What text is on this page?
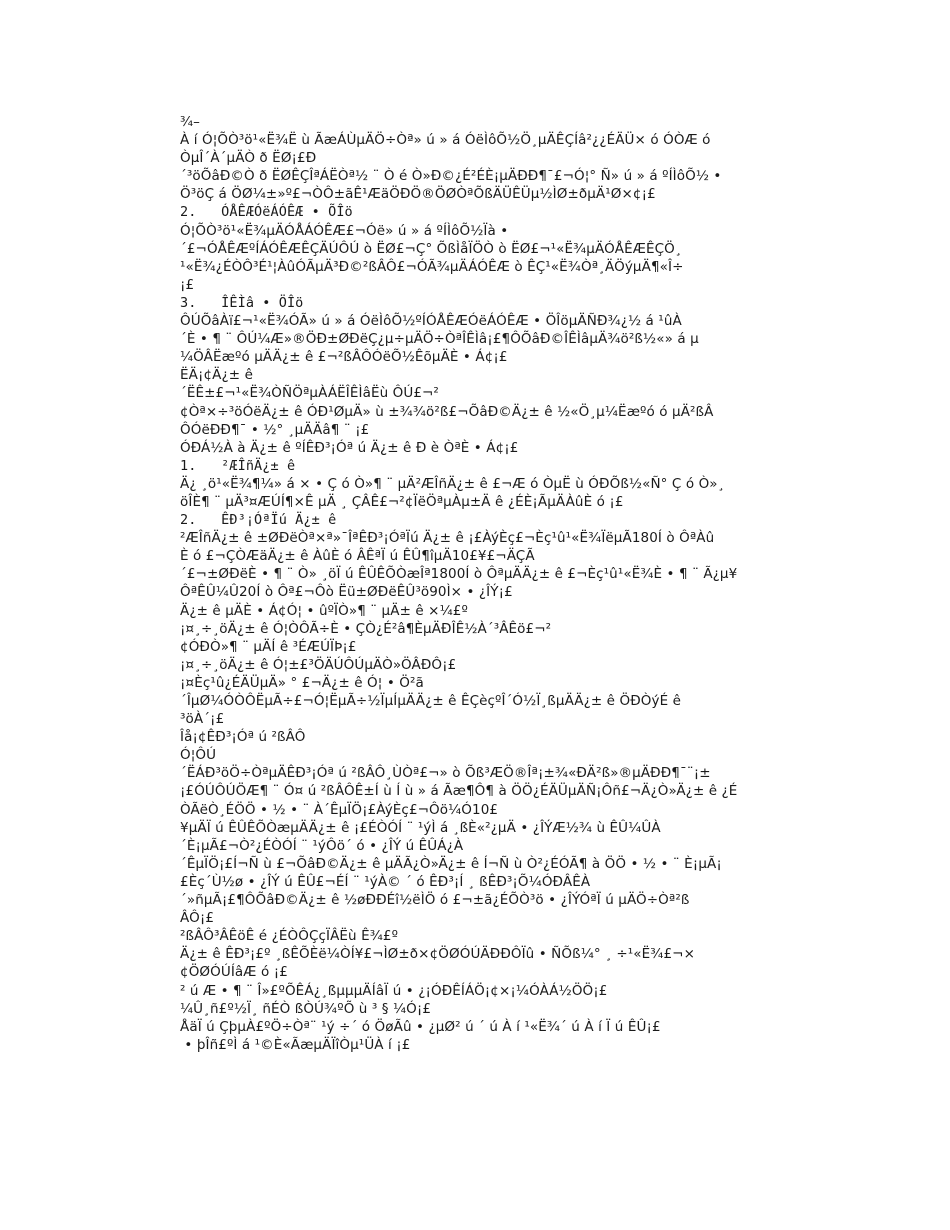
¾–
À í Ó¦ÕÒ³ö¹«Ë¾Ë ù ÃæÁÙµÄÖ÷Òª» ú » á ÓëÌôÕ½Ö¸µÄÊÇÍâ²¿¿ÉÄÜ× ó ÓÒÆ ó
ÒµÎ´À´µÄÒ ð ËØ¡£Ð
´³öÕâÐ©Ò ð ËØÊÇÎªÁËÒª½ ¨ Ò é Ò»Ð©¿É²ÉÈ¡µÄÐÐ¶¯£¬Ó¦° Ñ» ú » á ºÍÌôÕ½ •
Ö³öÇ á ÖØ¼±»º£¬ÒÔ±ãÊ¹ÆäÖÐÖ®ÖØÒªÕßÄÜÊÜµ½ÌØ±ðµÄ¹Ø×¢¡£
2.   ÓÅÊÆÓëÁÓÊÆ • ÕÎö
Ó¦ÕÒ³ö¹«Ë¾µÄÓÅÁÓÊÆ£¬Óë» ú » á ºÍÌôÕ½Ïà •
´£¬ÓÅÊÆºÍÁÓÊÆÊÇÄÚÔÚ ò ËØ£¬Ç° ÕßÌåÏÖÒ ò ËØ£¬¹«Ë¾µÄÓÅÊÆÊÇÖ¸
¹«Ë¾¿ÉÒÔ³É¹¦ÀûÓÃµÄ³Ð©²ßÂÔ£¬ÓÃ¾µÄÁÓÊÆ ò ÊÇ¹«Ë¾Òª¸ÄÖýµÄ¶«Î÷
¡£
3.   ÎÊÌâ • ÖÎö
ÔÚÕâÀï£¬¹«Ë¾ÓÃ» ú » á ÓëÌôÕ½ºÍÓÅÊÆÓëÁÓÊÆ • ÖÎöµÄÑÐ¾¿½ á ¹ûÀ
´È • ¶ ¨ ÔÚ¼Æ»®ÖÐ±ØÐëÇ¿µ÷µÄÖ÷ÒªÎÊÌâ¡£¶ÔÕâÐ©ÎÊÌâµÄ¾ö²ß½«» á µ
¼ÖÂËæºó µÄÄ¿± ê £¬²ßÂÔÓëÕ½ÊõµÄÈ • Á¢¡£
ËÄ¡¢Ä¿± ê
´ËÊ±£¬¹«Ë¾ÒÑÖªµÀÁËÎÊÌâËù ÔÚ£¬²
¢Òª×÷³öÓëÄ¿± ê ÓÐ¹ØµÄ» ù ±¾¾ö²ß£¬ÕâÐ©Ä¿± ê ½«Ö¸µ¼Ëæºó ó µÄ²ßÂ
ÔÓëÐÐ¶¯ • ½° ¸µÄÄâ¶ ¨ ¡£
ÓÐÁ½À à Ä¿± ê ºÍÊÐ³¡Óª ú Ä¿± ê Ð è ÒªÈ • Á¢¡£
1.   ²ÆÎñÄ¿± ê
Ä¿ ¸ö¹«Ë¾¶¼» á × • Ç ó Ò»¶ ¨ µÄ²ÆÎñÄ¿± ê £¬Æ ó ÒµË ù ÓÐÕß½«Ñ° Ç ó Ò»¸
öÎÈ¶ ¨ µÄ³¤ÆÚÍ¶×Ê µÄ ¸ ÇÂÊ£¬²¢ÏëÖªµÀµ±Ä ê ¿ÉÈ¡ÃµÄÀûÈ ó ¡£
2.   ÊÐ³¡ÓªÏú Ä¿± ê
²ÆÎñÄ¿± ê ±ØÐëÒª×ª»¯ÎªÊÐ³¡ÓªÏú Ä¿± ê ¡£ÀýÈç£¬Èç¹û¹«Ë¾ÏëµÃ180Í ò ÔªÀû
È ó £¬ÇÒÆäÄ¿± ê ÀûÈ ó ÂÊªÏ ú ÊÛ¶îµÄ10£¥£¬ÄÇÃ
´£¬±ØÐëÈ • ¶ ¨ Ò» ¸öÏ ú ÊÛÊÕÒæÎª1800Í ò ÔªµÄÄ¿± ê £¬Èç¹û¹«Ë¾È • ¶ ¨ Ã¿µ¥
ÔªÊÛ¼Û20Í ò Ôª£¬Ôò Ëü±ØÐëÊÛ³ö90Ì× • ¿ÎÝ¡£
Ä¿± ê µÄÈ • Á¢Ó¦ • ûºÏÒ»¶ ¨ µÄ± ê ×¼£º
¡¤¸÷¸öÄ¿± ê Ó¦ÒÔÃ÷È • ÇÒ¿É²â¶ÈµÄÐÎÊ½À´³ÂÊö£¬²
¢ÓÐÒ»¶ ¨ µÄÍ ê ³ÉÆÚÏÞ¡£
¡¤¸÷¸öÄ¿± ê Ó¦±£³ÖÄÚÔÚµÄÒ»ÖÂÐÔ¡£
¡¤Èç¹û¿ÉÄÜµÄ» ° £¬Ä¿± ê Ó¦ • Ö²ã
´ÎµØ¼ÓÒÔËµÃ÷£¬Ó¦ËµÃ÷½ÏµÍµÄÄ¿± ê ÊÇèçºÎ´Ó½Ï¸ßµÄÄ¿± ê ÖÐÒýÉ ê
³öÀ´¡£
Îå¡¢ÊÐ³¡Óª ú ²ßÂÔ
Ó¦ÔÚ
´ËÁÐ³öÖ÷ÒªµÄÊÐ³¡Óª ú ²ßÂÔ¸ÙÒª£¬» ò Õß³ÆÖ®Îª¡±¾«ÐÄ²ß»®µÄÐÐ¶¯¨¡±
¡£ÓÚÔÚÖÆ¶ ¨ Ó¤ ú ²ßÂÔÊ±Í ù Í ù » á Ãæ¶Ô¶ à ÖÖ¿ÉÄÜµÄÑ¡Ôñ£¬Ä¿Ò»Ä¿± ê ¿É
ÒÃëÒ¸ÉÖÖ • ½ • ¨ À´ÊµÏÖ¡£ÀýÈç£¬Ôö¼Ó10£
¥µÄÏ ú ÊÛÊÕÒæµÄÄ¿± ê ¡£ÉÒÓÍ ¨ ¹ýÌ á ¸ßÈ«²¿µÄ • ¿ÎÝÆ½¾ ù ÊÛ¼ÛÀ
´È¡µÃ£¬Ò²¿ÉÒÓÍ ¨ ¹ýÔö´ ó • ¿ÎÝ ú ÊÛÁ¿À
´ÊµÏÖ¡£Í¬Ñ ù £¬ÕâÐ©Ä¿± ê µÄÃ¿Ò»Ä¿± ê Í¬Ñ ù Ò²¿ÉÓÃ¶ à ÖÖ • ½ • ¨ È¡µÃ¡
£Èç´Ù½ø • ¿ÎÝ ú ÊÛ£¬ÉÍ ¨ ¹ýÀ© ´ ó ÊÐ³¡Í ¸ ßÊÐ³¡Õ¼ÓÐÂÊÀ
´»ñµÃ¡£¶ÔÕâÐ©Ä¿± ê ½øÐÐÉî½ëÌÖ ó £¬±ã¿ÉÕÒ³ö • ¿ÎÝÓªÏ ú µÄÖ÷Òª²ß
ÂÔ¡£
²ßÂÔ³ÂÊöÊ é ¿ÉÒÔÇçÏÂËù Ê¾£º
Ä¿± ê ÊÐ³¡£º ¸ßÊÕÈë¼ÒÍ¥£¬ÌØ±ð×¢ÖØÓÚÄÐÐÔÏû • ÑÕß¼° ¸ ÷¹«Ë¾£¬×
¢ÖØÓÚÍâÆ ó ¡£
² ú Æ • ¶ ¨ Î»£ºÕÊÁ¿¸ßµµµÄÍâÏ ú • ¿¡ÓÐÊÍÁÖ¡¢×¡¼ÓÀÁ½ÖÖ¡£
¼Û¸ñ£º½Ï¸ ñÉÒ ßÒÚ¾ºÕ ù ³ § ¼Ó¡£
ÅäÏ ú ÇþµÀ£ºÖ÷Òª¨ ¹ý ÷´ ó ÖøÃû • ¿µØ² ú ´ ú À í ¹«Ë¾´ ú À í Ï ú ÊÛ¡£
• þÎñ£ºÌ á ¹©È«ÃæµÄÏîÒµ¹ÜÀ í ¡£
